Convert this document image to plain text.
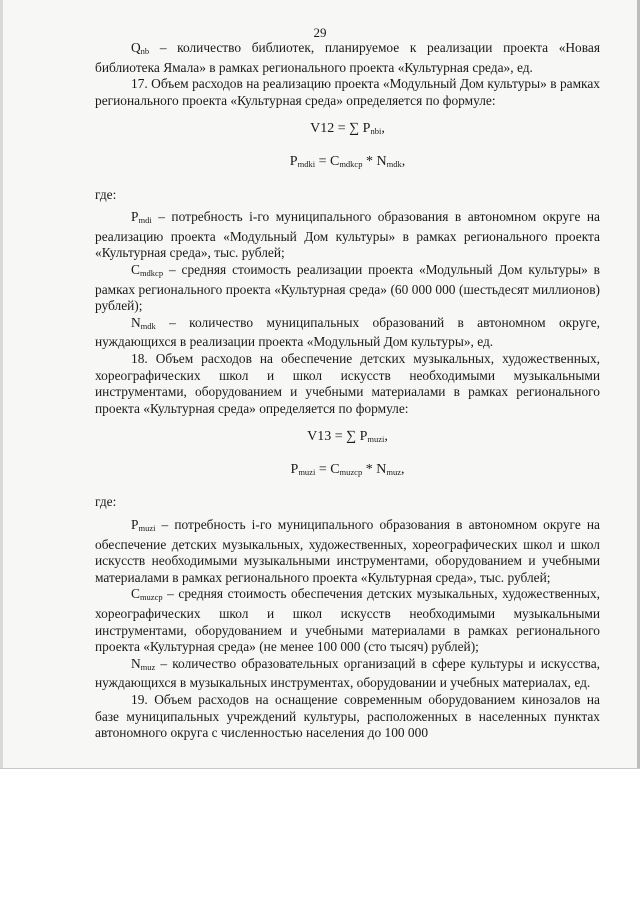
29

$Q_{nb}$ – количество библиотек, планируемое к реализации проекта «Новая библиотека Ямала» в рамках регионального проекта «Культурная среда», ед.

17. Объем расходов на реализацию проекта «Модульный Дом культуры» в рамках регионального проекта «Культурная среда» определяется по формуле:

V12 = ∑ $P_{nbi}$,

$P_{mdki} = C_{mdkcp} * N_{mdk}$,

где:

$P_{mdi}$ – потребность i-го муниципального образования в автономном округе на реализацию проекта «Модульный Дом культуры» в рамках регионального проекта «Культурная среда», тыс. рублей;

$C_{mdkcp}$ – средняя стоимость реализации проекта «Модульный Дом культуры» в рамках регионального проекта «Культурная среда» (60 000 000 (шестьдесят миллионов) рублей);

$N_{mdk}$ – количество муниципальных образований в автономном округе, нуждающихся в реализации проекта «Модульный Дом культуры», ед.

18. Объем расходов на обеспечение детских музыкальных, художественных, хореографических школ и школ искусств необходимыми музыкальными инструментами, оборудованием и учебными материалами в рамках регионального проекта «Культурная среда» определяется по формуле:

V13 = ∑ $P_{muzi}$,

$P_{muzi} = C_{muzcp} * N_{muz}$,

где:

$P_{muzi}$ – потребность i-го муниципального образования в автономном округе на обеспечение детских музыкальных, художественных, хореографических школ и школ искусств необходимыми музыкальными инструментами, оборудованием и учебными материалами в рамках регионального проекта «Культурная среда», тыс. рублей;

$C_{muzcp}$ – средняя стоимость обеспечения детских музыкальных, художественных, хореографических школ и школ искусств необходимыми музыкальными инструментами, оборудованием и учебными материалами в рамках регионального проекта «Культурная среда» (не менее 100 000 (сто тысяч) рублей);

$N_{muz}$ – количество образовательных организаций в сфере культуры и искусства, нуждающихся в музыкальных инструментах, оборудовании и учебных материалах, ед.

19. Объем расходов на оснащение современным оборудованием кинозалов на базе муниципальных учреждений культуры, расположенных в населенных пунктах автономного округа с численностью населения до 100 000
